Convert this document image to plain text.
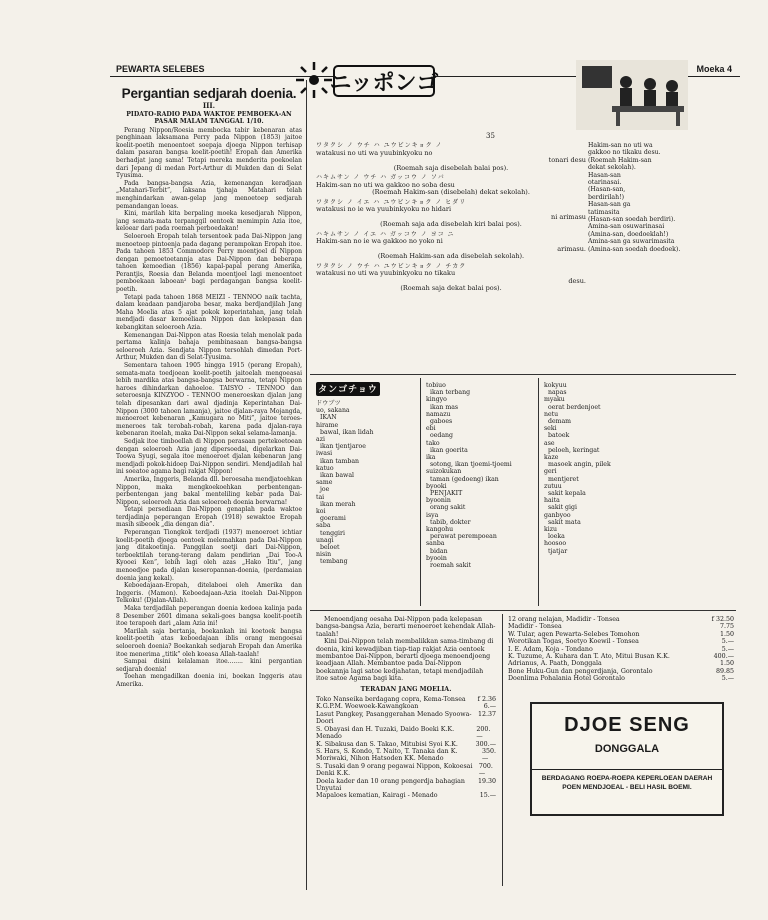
PEWARTA SELEBES	Moeka 4
Pergantian sedjarah doenia.
III.
PIDATO-RADIO PADA WAKTOE PEMBOEKA-AN PASAR MALAM TANGGAL 1/10.

Perang Nippon/Roesia membocka tabir kebenaran atas penghinaan laksamana Perry pada Nippon (1853) jaitoe koelit-poetih menoentoet soepaja djoega Nippon terhisap dalam pasaran bangsa koelit-poetih! Eropah dan Amerika berhadjat jang sama! Tetapi mereka menderita poekoelan dari Jepang di medan Port-Arthur di Mukden dan di Selat Tyusima.

Pada bangsa-bangsa Azia, kemenangan keradjaan „Matahari-Terbit”, laksana tjahaja Matahari telah menghindarkan awan-gelap jang menoetoep sedjarah pemandangan loeas.

Kini, marilah kita berpaling moeka kesedjarah Nippon, jang semata-mata terpanggil oentoek memimpin Azia itoe, keloear dari pada roemah perboedakan!

Seloeroeh Eropah telah tersentoek pada Dai-Nippon jang menoetoep pintoenja pada dagang perampokan Eropah itoe. Pada tahoen 1853 Commodore Perry moentjoel di Nippon dengan pemoetoetannja atas Dai-Nippon dan beberapa tahoen kemoedian (1856) kapal-papal perang Amerika, Perantjis, Roesia dan Belanda moentjoel lagi menoentoet pemboekaan laboean² bagi perdagangan bangsa koelit-poetih.

Tetapi pada tahoen 1868 MEIZI - TENNOO naik tachta, dalam keadaan pandjaroba besar, maka berdjandjilah Jang Maha Moelia atas 5 ajat pokok keperintahan, jang telah mendjadi dasar kemoeliaan Nippon dan kelepasan dan kebangkitan seloeroeh Azia.

Kemenangan Dai-Nippon atas Roesia telah menolak pada pertama kalinja bahaja pembinasaan bangsa-bangsa seloeroeh Azia. Sendjata Nippon tersohlah dimedan Port-Arthur, Mukden dan di Selat-Tyusima.

Sementara tahoen 1905 hingga 1915 (perang Eropah), semata-mata toedjoean koelit-poetih jaitoelah mengoeasai lebih mardika atas bangsa-bangsa berwarna, tetapi Nippon harоes dihindarkan dahoeloe. TAISYO - TENNOO dan seteroesnja KINZYOO - TENNOO meneroeskan djalan jang telah dipesankan dari awal djadinja Keperintahan Dai-Nippon (3000 tahoen lamanja), jaitoe djalan-raya Mojangda, menoeroet kebenaran „Kamugara no Miti”, jaitoe teroes-meneroes tak terobah-robah, karena pada djalan-raya kebenaran itoelah, maka Dai-Nippon sekal selama-lamanja.

Sedjak itoe timboellah di Nippon perasaan pertekoetoean dengan seloeroeh Azia jang dipersoedai, digelarkan Dai-Toowa Syugi, segala itoe menoeroet djalan kebenaran jang mendjadi pokok-hidoep Dai-Nippon sendiri. Mendjadilah hal ini soeatoe agama bagi rakjat Nippon!

Amerika, Inggeris, Belanda dll. beroesaha mendjatoehkan Nippon, maka mengkoekoehkan perbentengan-perbentengan jang bakal menteliling kebar pada Dai-Nippon, seloeroeh Azia dan seloeroeh doenia berwarna!

Tetapi persediaan Dai-Nippon genaplah pada waktoe terdjadinja peperangan Eropah (1918) sewaktoe Eropah masih sibeoek „dia dengan dia”.

Peperangan Tiongkok terdjadi (1937) menoeroet ichtiar koelit-poetih djoega oentoek melemahkan pada Dai-Nippon jang ditakoetinja. Panggilan soetji dari Dai-Nippon, terboektilah terang-terang dalam pendirian „Dai Too-A Kyooei Ken”, lebih lagi oleh azas „Hako Itiu”, jang menoedjoe pada djalan keserоpannan-doenia, (perdamaian doenia jang kekal).

Keboedajaan-Eropah, ditelaboei oleh Amerika dan Inggeris. (Mamon). Keboedajaan-Azia itoelah Dai-Nippon Telkoku! (Djalan-Allah).

Maka terdjadilah peperangan doenia kedoea kalinja pada 8 Desember 2601 dimana sekali-goes bangsa koelit-poetih itoe terapoeh dari „alam Azia ini!

Marilah saja bertanja, boekankah ini koetoek bangsa koelit-poetih atas keboedajaan iblis orang mengoesai seloeroeh doenia? Boekankah sedjarah Eropah dan Amerika itoe menerima „titik” oleh koeasa Allah-taalah!

Sampai disini kelalaman itoe........ kini pergantian sedjarah doenia!

Toehan mengadilkan doenia ini, boekan Inggeris atau Amerika.

ニッポンゴ
35
ワタクシ ノ ウチ ハ ユウビンキョク ノ
watakusi no uti wa yuubinkyoku no
tonari desu
(Roemah saja disebelah balai pos).
ハキムサン ノ ウチ ハ ガッコウ ノ ソバ
Hakim-san no uti wa gakkoo no soba desu
(Roemah Hakim-san (disebelah) dekat sekolah).
ワタクシ ノ イエ ハ ユウビンキョク ノ ヒダリ
watakusi no ie wa yuubinkyoku no hidari
ni arimasu
(Roemah saja ada disebelah kiri balai pos).
ハキムサン ノ イエ ハ ガッコウ ノ ヨコ ニ
Hakim-san no ie wa gakkoo no yoko ni
arimasu.
(Roemah Hakim-san ada disebelah sekolah).
ワタクシ ノ ウチ ハ ユウビンキョク ノ チカク
watakusi no uti wa yuubinkyoku no tikaku
desu.
(Roemah saja dekat balai pos).
Hakim-san no uti wa
gakkoo no tikaku desu.
(Roemah Hakim-san
dekat sekolah).
Hasan-san
otarinasai.
(Hasan-san,
berdirilah!)
Hasan-san ga
tatimasita
(Hasan-san soedah berdiri).
Amina-san osuwarinasai
(Amina-san, doedoeklah!)
Amina-san ga suwarimasita
(Amina-san soedah doedoek).
タンゴチョウ
ドウブツ
uo, sakana
IKAN
hirame
bawal, ikan lidah
azi
ikan tjentjaroe
iwasi
ikan tamban
katuo
ikan bawal
same
joe
tai
ikan merah
koi
goerami
saba
tenggiri
unagi
beloet
nisin
tembang
tobiuo
ikan terbang
kingyo
ikan mas
namazu
gaboes
ebi
oedang
tako
ikan goerita
ika
sotong, ikan tjoemi-tjoemi
suizokukan
taman (gedoeng) ikan
byooki
PENJAKIT
byoonin
orang sakit
isya
tabib, dokter
kangohu
perawat perempoean
sanba
bidan
byooin
roemah sakit
kokyuu
napas
myaku
oerat berdenjoet
netu
demam
seki
batoek
ase
peloeh, keringat
kaze
masoek angin, pilek
geri
mentjeret
zutuu
sakit kepala
haita
sakit gigi
ganbyoo
sakit mata
kizu
loeka
hoosoo
tjatjar
Menoendjang oesaha Dai-Nippon pada kelepasan bangsa-bangsa Azia, berarti menoeroet kehendak Allah-taalah!
Kini Dai-Nippon telah membalikkan sama-timbang di doenia, kini kewadjiban tiap-tiap rakjat Azia oentoek membantoe Dai-Nippon, berarti djoega menoendjoeng keadjaan Allah. Membantoe pada Dai-Nippon boekannja lagi satoe kedjahatan, tetapi mendjadilah itoe satoe Agama bagi kita.
TERADAN JANG MOELIA.
Toko Nanseika berdagang copra, Kema-Tonsea f 2.36
K.G.P.M. Woewoek-Kawangkoan	6.—
Lasut Pangkey, Pasanggerahan Menado Syoowa-Doori
12.37
S. Obayasi dan H. Tuzaki, Daido Boeki K.K. Menado
200.—
K. Sibakusa dan S. Takao, Mitubisi Syoi K.K.	300.—
S. Hars, S. Kondo, T. Naito, T. Tanaka dan K. Moriwaki, Nihon Hatsoden KK. Menado
350.—
S. Tusaki dan 9 orang pegawai Nippon, Kokoesai Denki K.K.
700.—
Doela kader dan 10 orang pengerdja bahagian Unyutai
19.30
Mapaloes kematian, Kairagi - Menado	15.—
12 orang nelajan, Madidir - Tonsea	f 32.50
Madidir - Tonsea	7.75
W. Tular, agen Pewarta-Selebes Tomohon	1.50
Worotikan Togas, Soetyo Koewil - Tonsea	5.—
I. E. Adam, Koja - Tondano	5.—
K. Tuzume, A. Kuhara dan T. Ato, Mitui Busan K.K.	400.—
Adrianus, A. Paath, Donggala	1.50
Bone Huku-Gun dan pengerdjanja, Gorontalo	89.85
Doenlima Pohalania Hotel Gorontalo	5.—
DJOE SENG
DONGGALA
BERDAGANG ROEPA-ROEPA KEPERLOEAN DAERAH POEN MENDJOEAL - BELI HASIL BOEMI.
